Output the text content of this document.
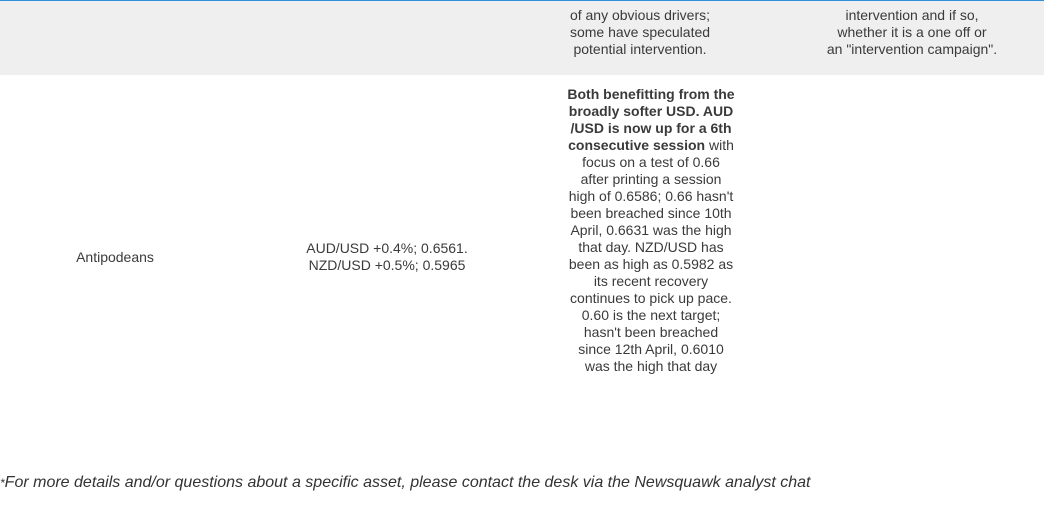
of any obvious drivers;
some have speculated
potential intervention.
intervention and if so,
whether it is a one off or
an "intervention campaign".
Antipodeans
AUD/USD +0.4%; 0.6561.
NZD/USD +0.5%; 0.5965
Both benefitting from the
broadly softer USD. AUD
/USD is now up for a 6th
consecutive session with
focus on a test of 0.66
after printing a session
high of 0.6586; 0.66 hasn't
been breached since 10th
April, 0.6631 was the high
that day. NZD/USD has
been as high as 0.5982 as
its recent recovery
continues to pick up pace.
0.60 is the next target;
hasn't been breached
since 12th April, 0.6010
was the high that day
*For more details and/or questions about a specific asset, please contact the desk via the Newsquawk analyst chat
